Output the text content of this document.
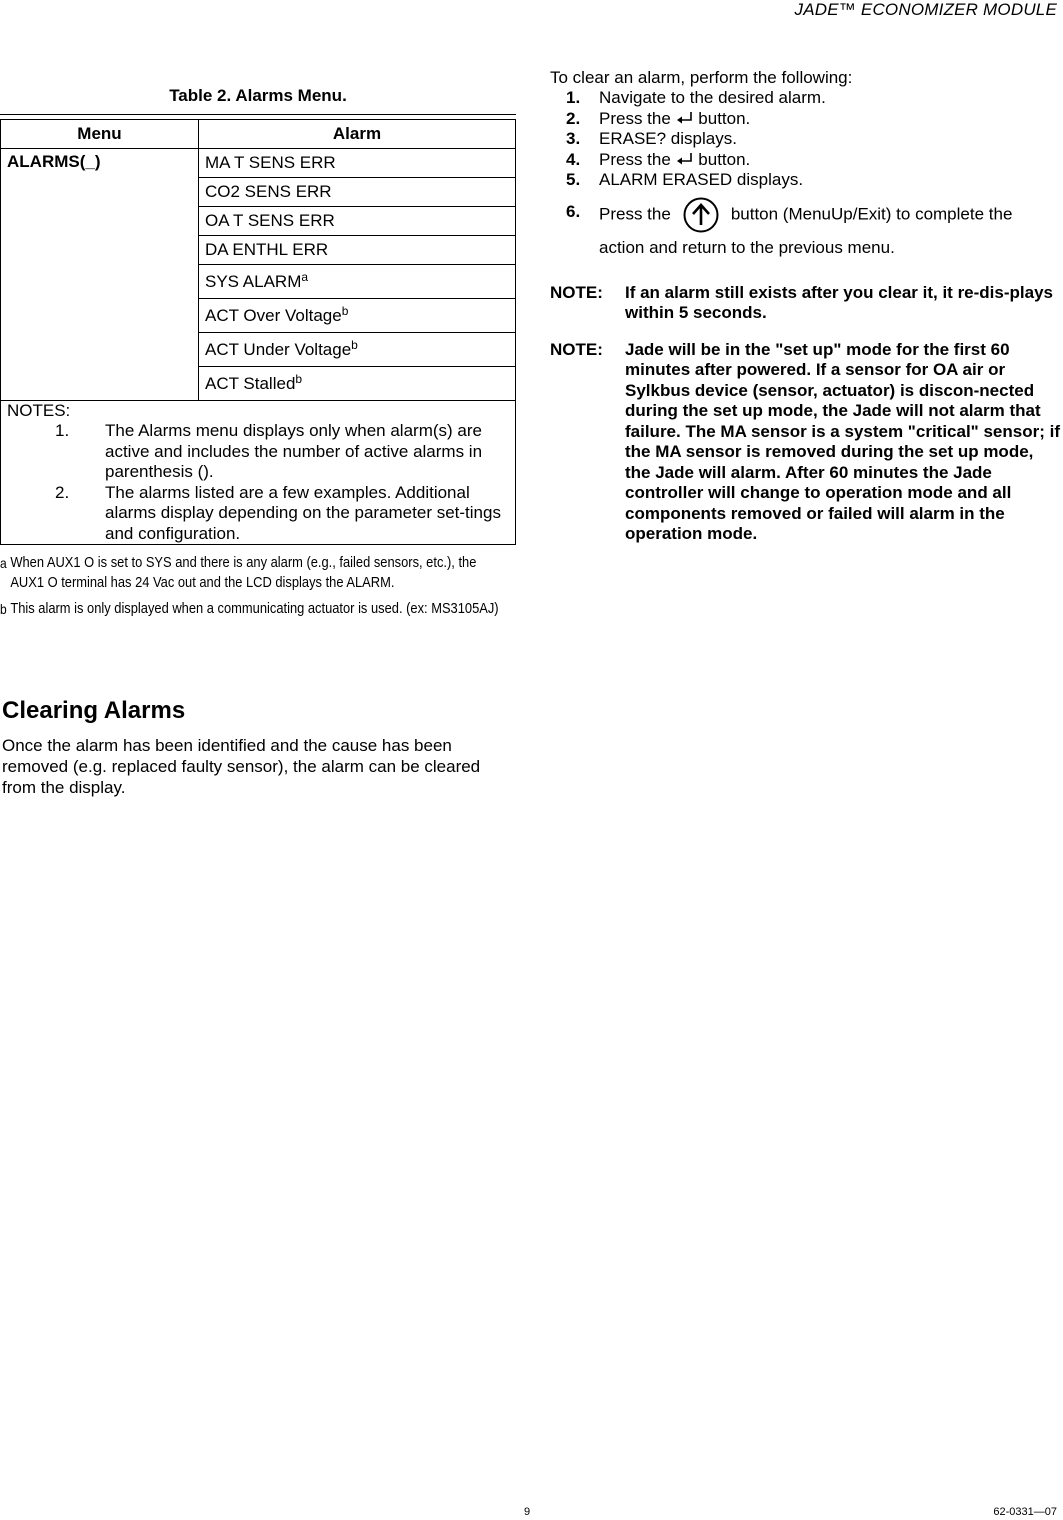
JADE™ ECONOMIZER MODULE
Table 2. Alarms Menu.
Menu	Alarm
ALARMS(_)	MA T SENS ERR
	CO2 SENS ERR
	OA T SENS ERR
	DA ENTHL ERR
	SYS ALARM$^a$
	ACT Over Voltage$^b$
	ACT Under Voltage$^b$
	ACT Stalled$^b$

NOTES:
1. The Alarms menu displays only when alarm(s) are active and includes the number of active alarms in parenthesis ().
2. The alarms listed are a few examples. Additional alarms display depending on the parameter set-tings and configuration.	
a When AUX1 O is set to SYS and there is any alarm (e.g., failed sensors, etc.), the AUX1 O terminal has 24 Vac out and the LCD displays the ALARM.
b This alarm is only displayed when a communicating actuator is used. (ex: MS3105AJ)
Clearing Alarms
Once the alarm has been identified and the cause has been removed (e.g. replaced faulty sensor), the alarm can be cleared from the display.
To clear an alarm, perform the following:
1.	Navigate to the desired alarm.
2.	Press the button.
3.	ERASE? displays.
4.	Press the button.
5.	ALARM ERASED displays.
6.	Press the	button (MenuUp/Exit) to complete the action and return to the previous menu.
NOTE:	If an alarm still exists after you clear it, it re-dis-plays within 5 seconds.
NOTE:	Jade will be in the "set up" mode for the first 60 minutes after powered. If a sensor for OA air or Sylkbus device (sensor, actuator) is discon-nected during the set up mode, the Jade will not alarm that failure. The MA sensor is a system "critical" sensor; if the MA sensor is removed during the set up mode, the Jade will alarm. After 60 minutes the Jade controller will change to operation mode and all components removed or failed will alarm in the operation mode.
9	62-0331—07
